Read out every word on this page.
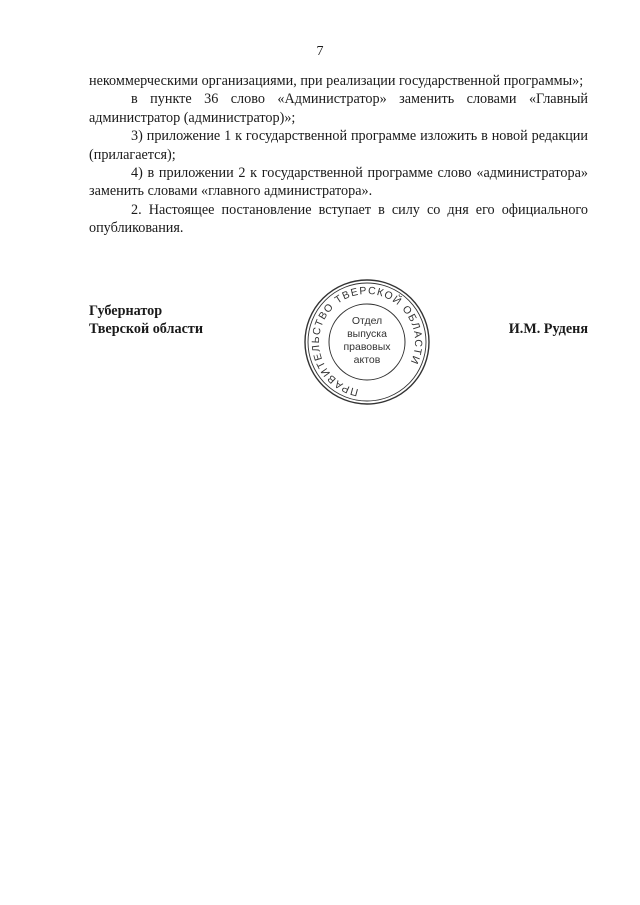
7

некоммерческими организациями, при реализации государственной программы»;

в пункте 36 слово «Администратор» заменить словами «Главный администратор (администратор)»;

3) приложение 1 к государственной программе изложить в новой редакции (прилагается);

4) в приложении 2 к государственной программе слово «администратора» заменить словами «главного администратора».

2. Настоящее постановление вступает в силу со дня его официального опубликования.

Губернатор
Тверской области	И.М. Руденя
ПРАВИТЕЛЬСТВО ТВЕРСКОЙ ОБЛАСТИ
Отдел
выпуска
правовых
актов
